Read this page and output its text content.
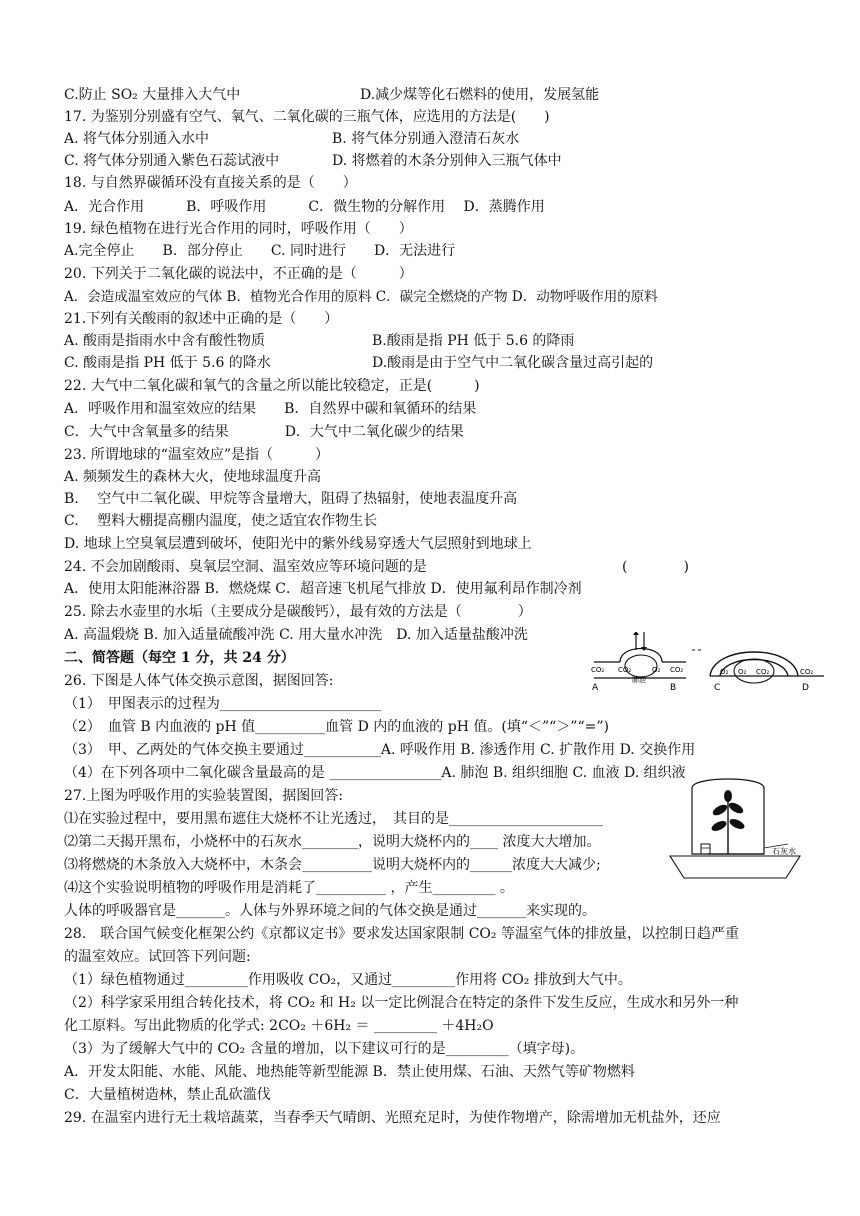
C.防止 SO₂ 大量排入大气中	D.减少煤等化石燃料的使用，发展氢能
17. 为鉴别分别盛有空气、氧气、二氧化碳的三瓶气体，应选用的方法是(　　)
A. 将气体分别通入水中	B. 将气体分别通入澄清石灰水
C. 将气体分别通入紫色石蕊试液中	D. 将燃着的木条分别伸入三瓶气体中
18. 与自然界碳循环没有直接关系的是（　　）
A．光合作用　　　B．呼吸作用　　　C．微生物的分解作用　 D．蒸腾作用
19. 绿色植物在进行光合作用的同时，呼吸作用（　　）
A.完全停止　　B．部分停止　　C. 同时进行　　D．无法进行
20. 下列关于二氧化碳的说法中，不正确的是（　　　）
A．会造成温室效应的气体 B．植物光合作用的原料 C．碳完全燃烧的产物 D．动物呼吸作用的原料
21.下列有关酸雨的叙述中正确的是（　　）
A. 酸雨是指雨水中含有酸性物质	B.酸雨是指 PH 低于 5.6 的降雨
C. 酸雨是指 PH 低于 5.6 的降水	D.酸雨是由于空气中二氧化碳含量过高引起的
22. 大气中二氧化碳和氧气的含量之所以能比较稳定，正是(　　　)
A．呼吸作用和温室效应的结果　　B．自然界中碳和氧循环的结果
C．大气中含氧量多的结果　　　　D．大气中二氧化碳少的结果
23. 所谓地球的“温室效应”是指（　　　）
A. 频频发生的森林大火，使地球温度升高
B.　 空气中二氧化碳、甲烷等含量增大，阻碍了热辐射，使地表温度升高
C.　 塑料大棚提高棚内温度，使之适宜农作物生长
D. 地球上空臭氧层遭到破坏，使阳光中的紫外线易穿透大气层照射到地球上
24. 不会加剧酸雨、臭氧层空洞、温室效应等环境问题的是	(　　　　)
A．使用太阳能淋浴器 B．燃烧煤 C．超音速飞机尾气排放 D．使用氟利昂作制冷剂
25. 除去水壶里的水垢（主要成分是碳酸钙），最有效的方法是（　　　　）
A. 高温煅烧 B. 加入适量硫酸冲洗 C. 用大量水冲洗　D. 加入适量盐酸冲洗
二、简答题（每空 1 分，共 24 分）
26. 下图是人体气体交换示意图，据图回答:
（1）　甲图表示的过程为_______________________
（2）　血管 B 内血液的 pH 值__________血管 D 内的血液的 pH 值。(填“＜”“＞”“=”)
（3）　甲、乙两处的气体交换主要通过___________A. 呼吸作用 B. 渗透作用 C. 扩散作用 D. 交换作用
（4）在下列各项中二氧化碳含量最高的是 ________________A. 肺泡 B. 组织细胞 C. 血液 D. 组织液
27.上图为呼吸作用的实验装置图，据图回答:
⑴在实验过程中，要用黑布遮住大烧杯不让光透过，　其目的是______________________
⑵第二天揭开黑布，小烧杯中的石灰水________，说明大烧杯内的____ 浓度大大增加。
⑶将燃烧的木条放入大烧杯中，木条会__________说明大烧杯内的______浓度大大减少;
⑷这个实验说明植物的呼吸作用是消耗了__________ ，产生_________ 。
人体的呼吸器官是_______。人体与外界环境之间的气体交换是通过_______来实现的。
28.　联合国气候变化框架公约《京都议定书》要求发达国家限制 CO₂ 等温室气体的排放量，以控制日趋严重
的温室效应。试回答下列问题:
（1）绿色植物通过_________作用吸收 CO₂，又通过_________作用将 CO₂ 排放到大气中。
（2）科学家采用组合转化技术，将 CO₂ 和 H₂ 以一定比例混合在特定的条件下发生反应，生成水和另外一种
化工原料。写出此物质的化学式: 2CO₂ ＋6H₂ ＝ _________ ＋4H₂O
（3）为了缓解大气中的 CO₂ 含量的增加，以下建议可行的是_________（填字母)。
A．开发太阳能、水能、风能、地热能等新型能源 B．禁止使用煤、石油、天然气等矿物燃料
C．大量植树造林，禁止乱砍滥伐
29. 在温室内进行无土栽培蔬菜，当春季天气晴朗、光照充足时，为使作物增产，除需增加无机盐外，还应
CO₂ CO₂	O₂ CO₂
肺泡
A	B
O₂ O₂ CO₂	CO₂
C	D
石灰水
